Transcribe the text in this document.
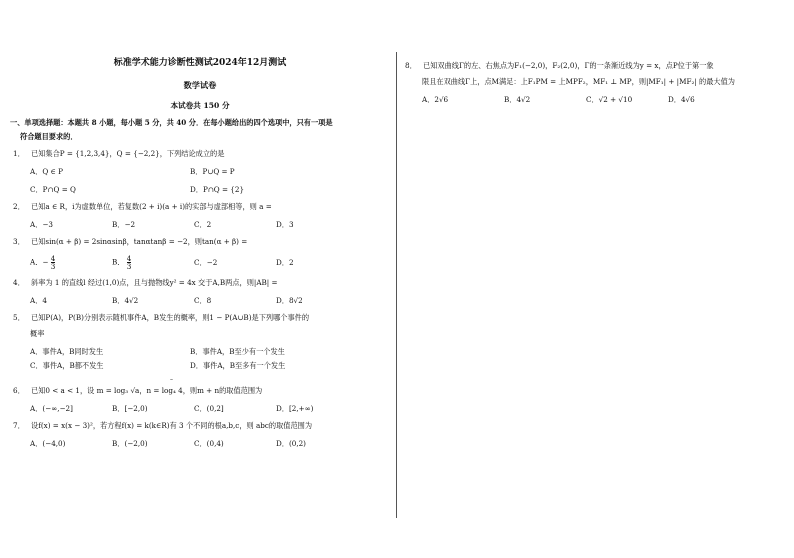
标准学术能力诊断性测试2024年12月测试
数学试卷
本试卷共 150 分
一、单项选择题：本题共 8 小题，每小题 5 分，共 40 分．在每小题给出的四个选项中，只有一项是
符合题目要求的．
1． 已知集合P = {1,2,3,4}，Q = {−2,2}，下列结论成立的是
A．Q ∈ P	B．P∪Q = P
C．P∩Q = Q	D．P∩Q = {2}
2． 已知a ∈ R，i为虚数单位，若复数(2 + i)(a + i)的实部与虚部相等，则 a =
A．−3	B．−2	C．2	D．3
3． 已知sin(α + β) = 2sinαsinβ，tanαtanβ = −2，则tan(α + β) =
A．− $\frac{4}{3}$	B． $\frac{4}{3}$	C．−2	D．2
4． 斜率为 1 的直线l 经过(1,0)点，且与抛物线y² = 4x 交于A,B两点，则|AB| =
A．4	B．4√2	C．8	D．8√2
5． 已知P(A)，P(B)分别表示随机事件A，B发生的概率，则1 − P(A∪B)是下列哪个事件的
概率
A．事件A，B同时发生	B．事件A，B至少有一个发生
C．事件A，B都不发生	D．事件A，B至多有一个发生
–
6． 已知0 < a < 1，设 m = log₃ √a，n = log₄ 4，则m + n的取值范围为
A．(−∞,−2]	B．[−2,0)	C．(0,2]	D．[2,+∞)
7． 设f(x) = x(x − 3)²，若方程f(x) = k(k∈R)有 3 个不同的根a,b,c，则 abc的取值范围为
A．(−4,0)	B．(−2,0)	C．(0,4)	D．(0,2)
8． 已知双曲线Γ的左、右焦点为F₁(−2,0)，F₂(2,0)，Γ的一条渐近线为y = x，点P位于第一象
限且在双曲线Γ上，点M满足：上F₁PM = 上MPF₂，MF₁ ⊥ MP，则|MF₁| + |MF₂| 的最大值为
A．2√6	B．4√2	C．√2 + √10	D．4√6
